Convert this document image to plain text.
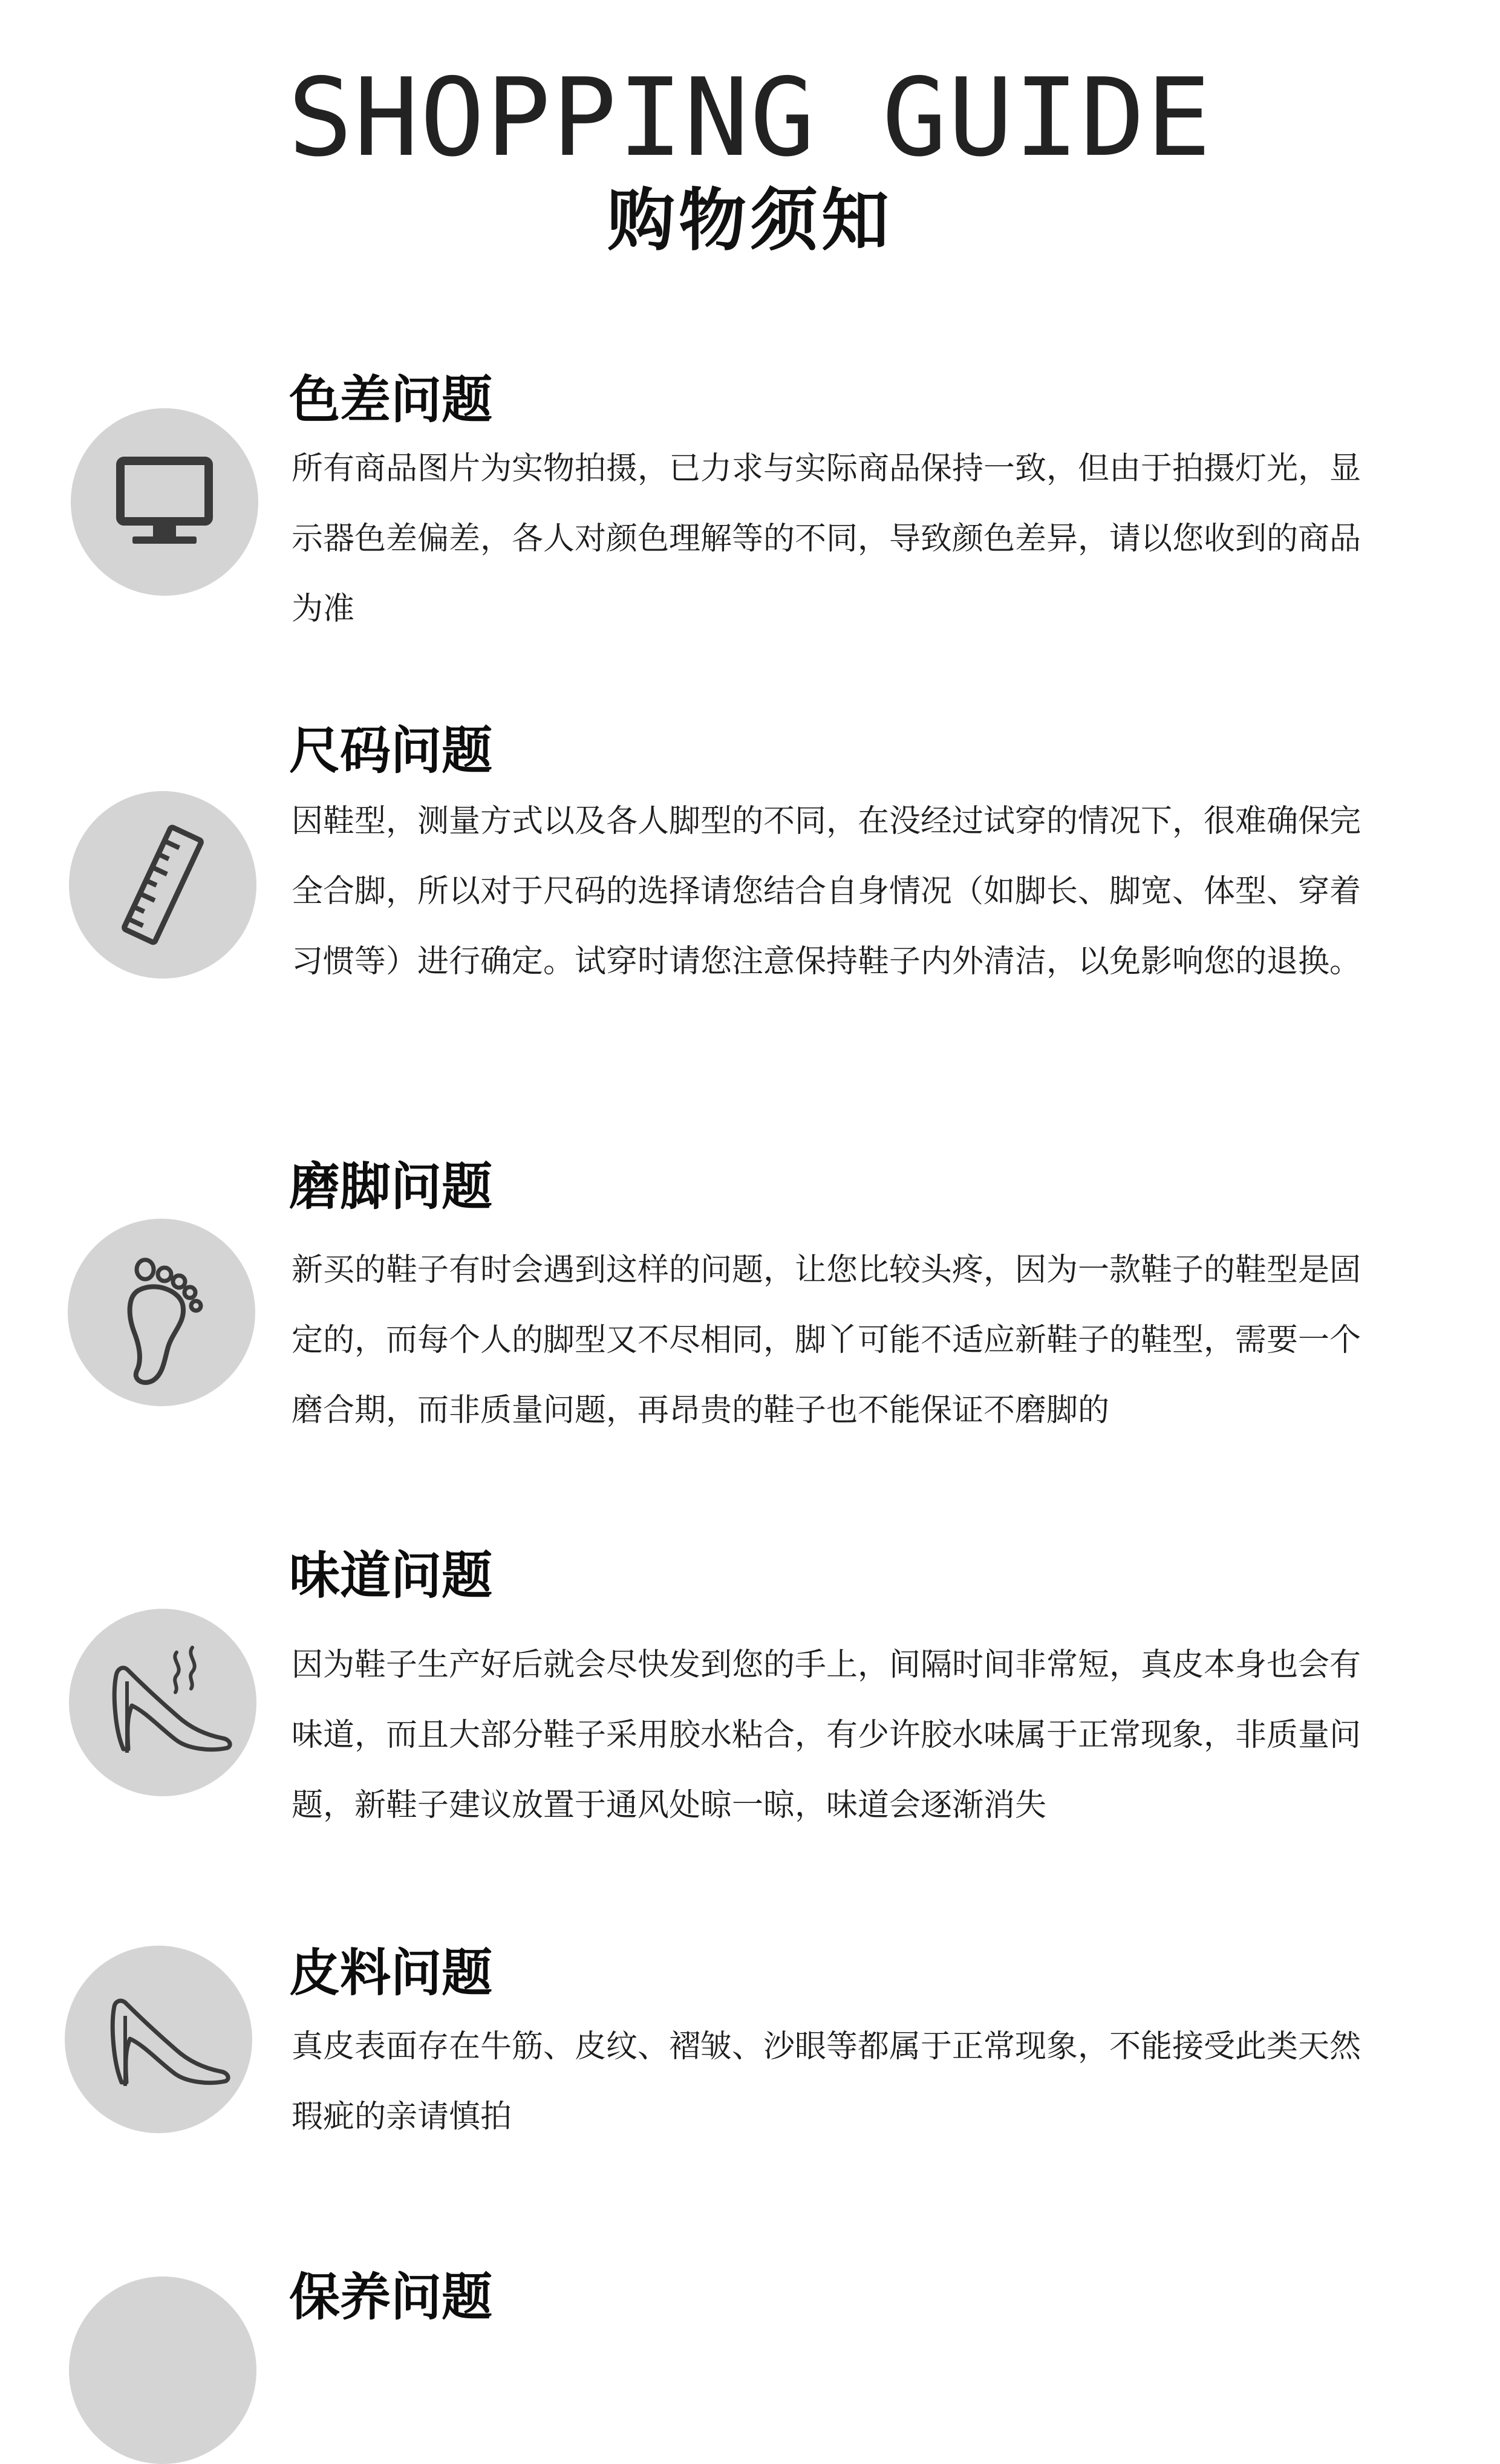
SHOPPING GUIDE
购物须知
色差问题
所有商品图片为实物拍摄，已力求与实际商品保持一致，但由于拍摄灯光，显示器色差偏差，各人对颜色理解等的不同，导致颜色差异，请以您收到的商品为准
尺码问题
因鞋型，测量方式以及各人脚型的不同，在没经过试穿的情况下，很难确保完全合脚，所以对于尺码的选择请您结合自身情况（如脚长、脚宽、体型、穿着习惯等）进行确定。试穿时请您注意保持鞋子内外清洁，以免影响您的退换。
磨脚问题
新买的鞋子有时会遇到这样的问题，让您比较头疼，因为一款鞋子的鞋型是固定的，而每个人的脚型又不尽相同，脚丫可能不适应新鞋子的鞋型，需要一个磨合期，而非质量问题，再昂贵的鞋子也不能保证不磨脚的
味道问题
因为鞋子生产好后就会尽快发到您的手上，间隔时间非常短，真皮本身也会有味道，而且大部分鞋子采用胶水粘合，有少许胶水味属于正常现象，非质量问题，新鞋子建议放置于通风处晾一晾，味道会逐渐消失
皮料问题
真皮表面存在牛筋、皮纹、褶皱、沙眼等都属于正常现象，不能接受此类天然瑕疵的亲请慎拍
保养问题
